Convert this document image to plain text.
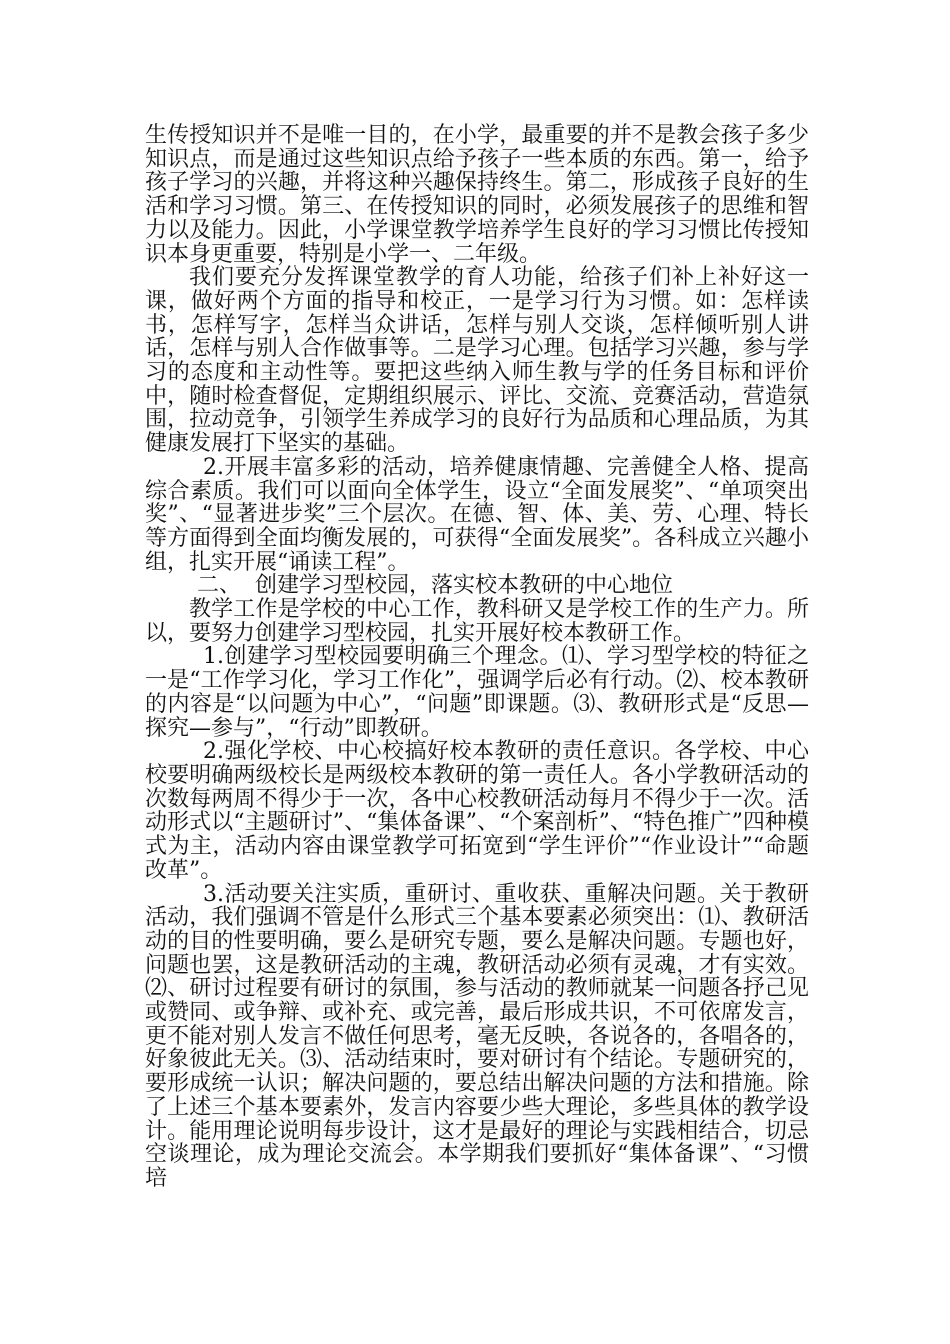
生传授知识并不是唯一目的，在小学，最重要的并不是教会孩子多少知识点，而是通过这些知识点给予孩子一些本质的东西。第一，给予孩子学习的兴趣，并将这种兴趣保持终生。第二，形成孩子良好的生活和学习习惯。第三、在传授知识的同时，必须发展孩子的思维和智力以及能力。因此，小学课堂教学培养学生良好的学习习惯比传授知识本身更重要，特别是小学一、二年级。

我们要充分发挥课堂教学的育人功能，给孩子们补上补好这一课，做好两个方面的指导和校正，一是学习行为习惯。如：怎样读书，怎样写字，怎样当众讲话，怎样与别人交谈，怎样倾听别人讲话，怎样与别人合作做事等。二是学习心理。包括学习兴趣，参与学习的态度和主动性等。要把这些纳入师生教与学的任务目标和评价中，随时检查督促，定期组织展示、评比、交流、竞赛活动，营造氛围，拉动竞争，引领学生养成学习的良好行为品质和心理品质，为其健康发展打下坚实的基础。

2.开展丰富多彩的活动，培养健康情趣、完善健全人格、提高综合素质。我们可以面向全体学生，设立“全面发展奖”、“单项突出奖”、“显著进步奖”三个层次。在德、智、体、美、劳、心理、特长等方面得到全面均衡发展的，可获得“全面发展奖”。各科成立兴趣小组，扎实开展“诵读工程”。

二、  创建学习型校园，落实校本教研的中心地位

教学工作是学校的中心工作，教科研又是学校工作的生产力。所以，要努力创建学习型校园，扎实开展好校本教研工作。

1.创建学习型校园要明确三个理念。⑴、学习型学校的特征之一是“工作学习化，学习工作化”，强调学后必有行动。⑵、校本教研的内容是“以问题为中心”，“问题”即课题。⑶、教研形式是“反思—探究—参与”，“行动”即教研。

2.强化学校、中心校搞好校本教研的责任意识。各学校、中心校要明确两级校长是两级校本教研的第一责任人。各小学教研活动的次数每两周不得少于一次，各中心校教研活动每月不得少于一次。活动形式以“主题研讨”、“集体备课”、“个案剖析”、“特色推广”四种模式为主，活动内容由课堂教学可拓宽到“学生评价”“作业设计”“命题改革”。

3.活动要关注实质，重研讨、重收获、重解决问题。关于教研活动，我们强调不管是什么形式三个基本要素必须突出：⑴、教研活动的目的性要明确，要么是研究专题，要么是解决问题。专题也好，问题也罢，这是教研活动的主魂，教研活动必须有灵魂，才有实效。⑵、研讨过程要有研讨的氛围，参与活动的教师就某一问题各抒己见或赞同、或争辩、或补充、或完善，最后形成共识，不可依席发言，更不能对别人发言不做任何思考，毫无反映，各说各的，各唱各的，好象彼此无关。⑶、活动结束时，要对研讨有个结论。专题研究的，要形成统一认识；解决问题的，要总结出解决问题的方法和措施。除了上述三个基本要素外，发言内容要少些大理论，多些具体的教学设计。能用理论说明每步设计，这才是最好的理论与实践相结合，切忌空谈理论，成为理论交流会。本学期我们要抓好“集体备课”、“习惯培
